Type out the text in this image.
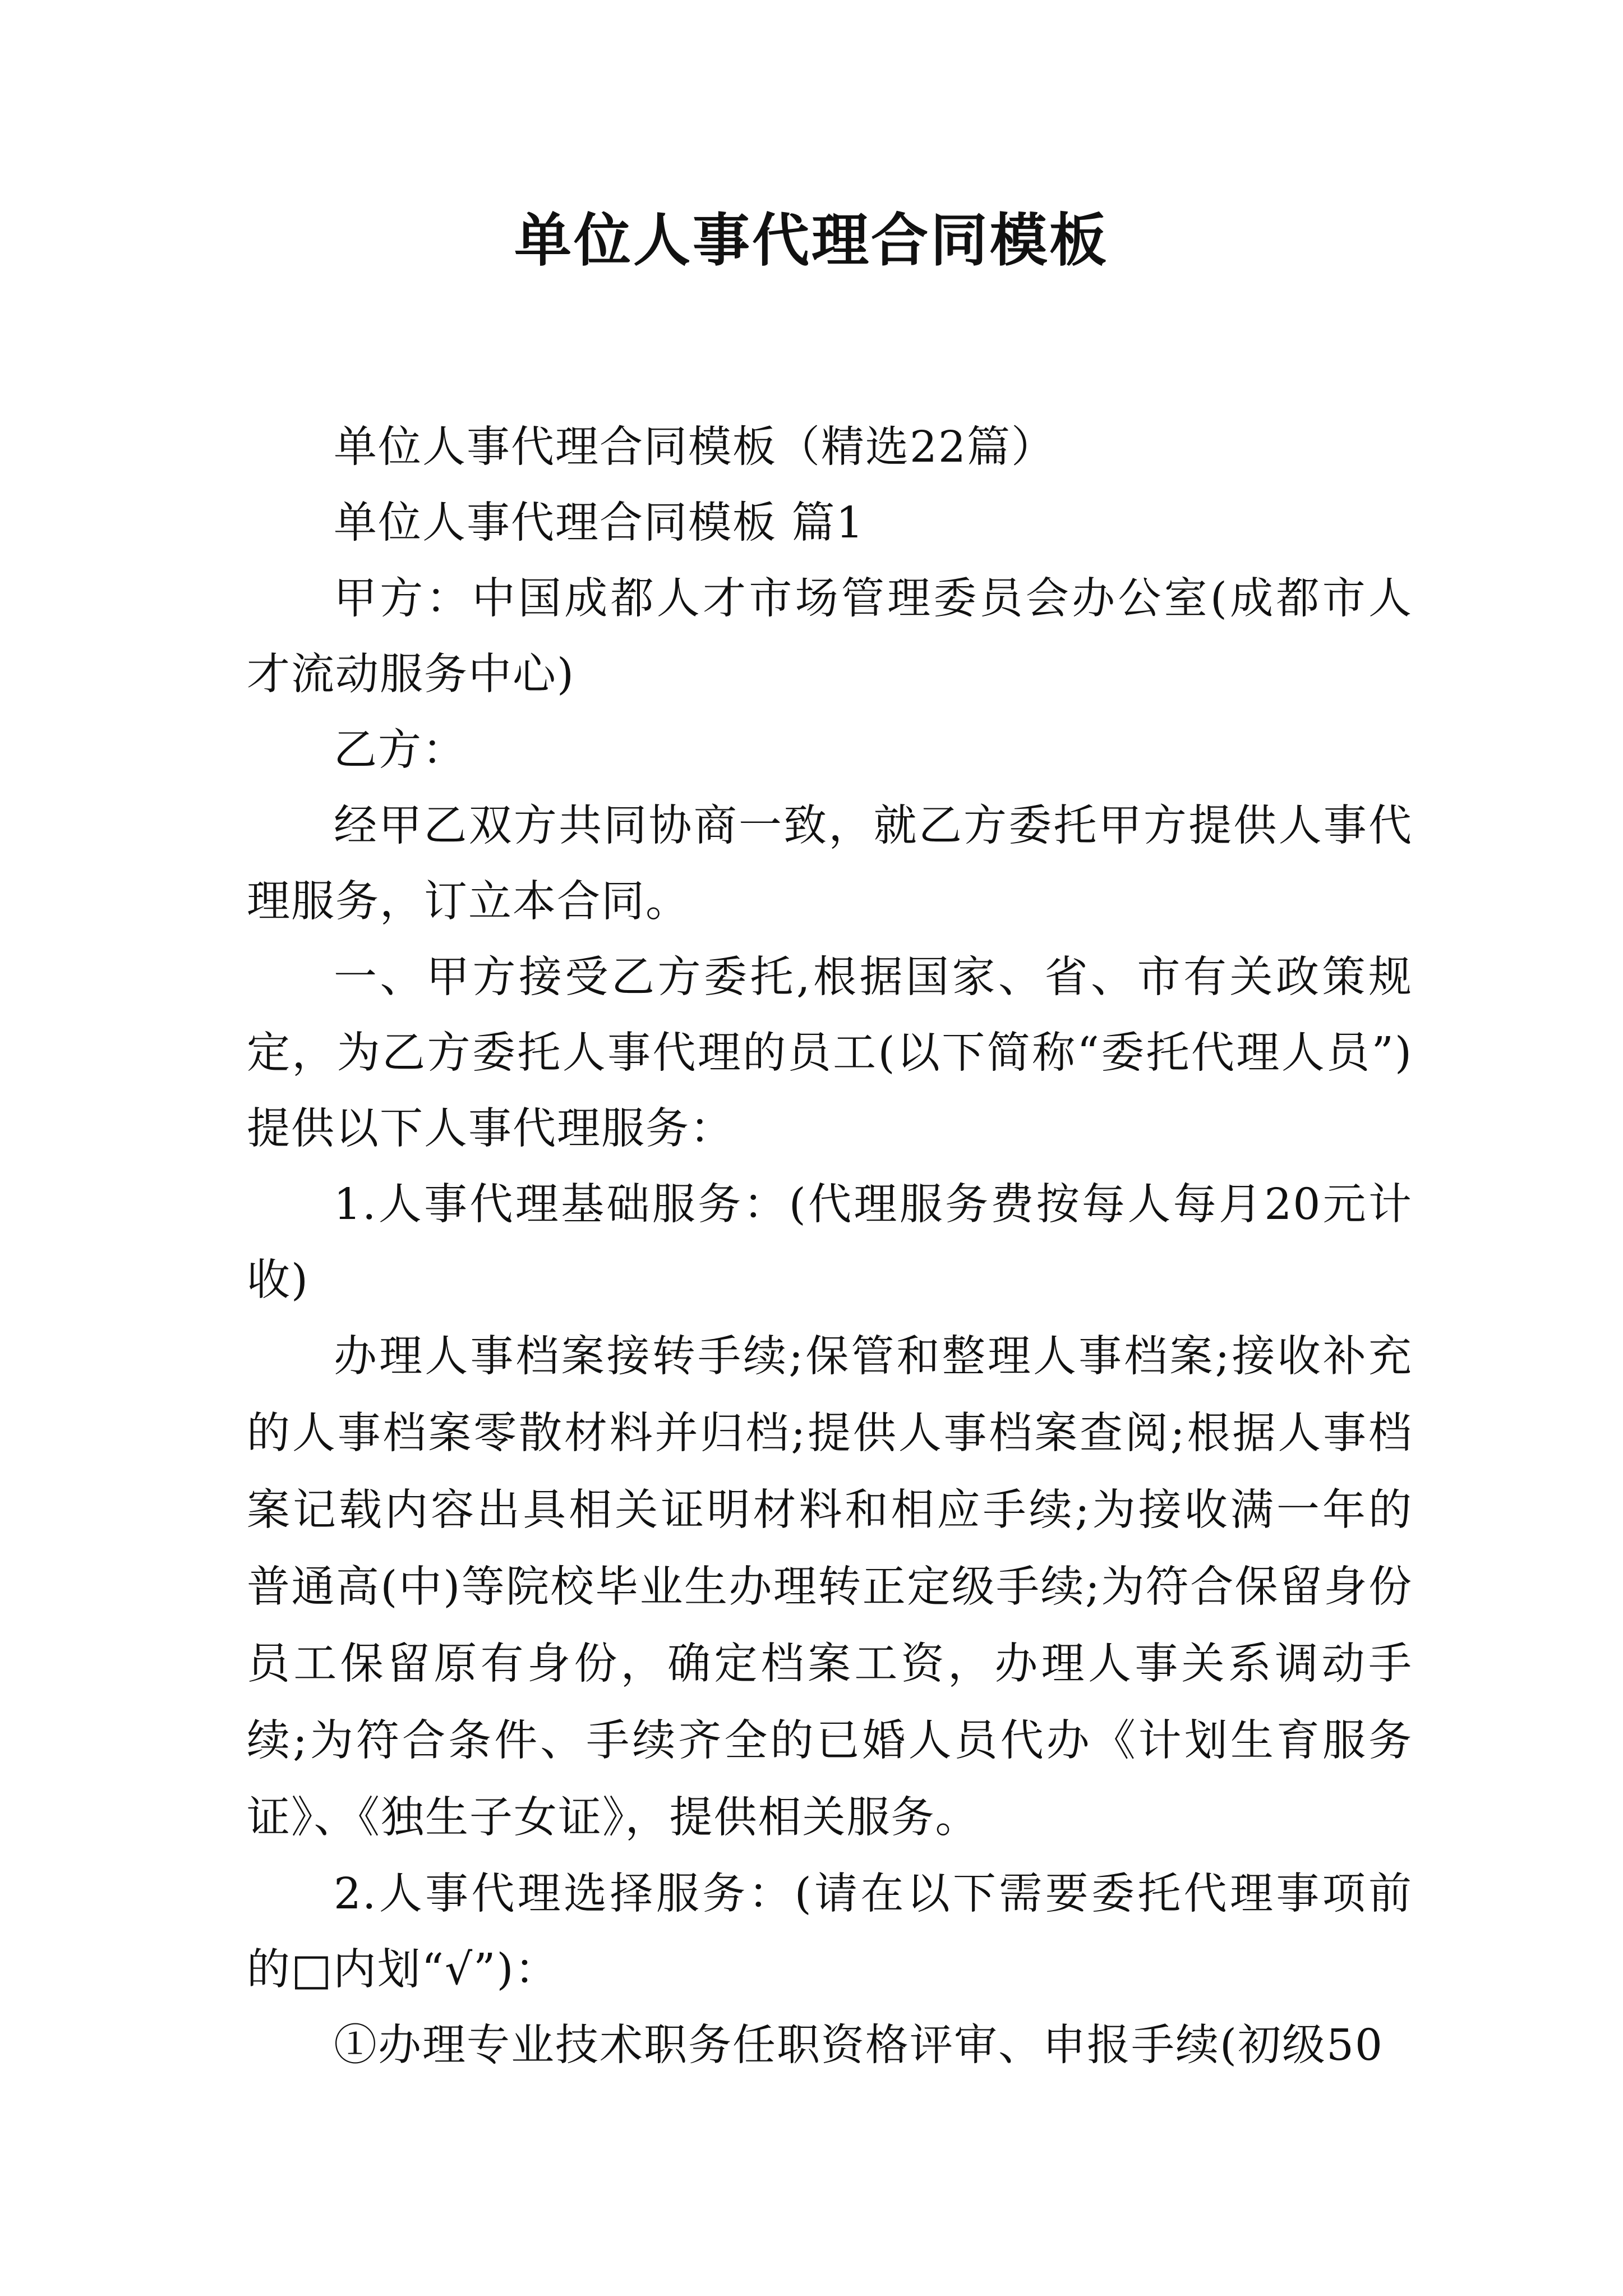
单位人事代理合同模板

单位人事代理合同模板（精选22篇）

单位人事代理合同模板 篇1

甲方：中国成都人才市场管理委员会办公室(成都市人才流动服务中心)

乙方：

经甲乙双方共同协商一致，就乙方委托甲方提供人事代理服务，订立本合同。

一、甲方接受乙方委托,根据国家、省、市有关政策规定，为乙方委托人事代理的员工(以下简称“委托代理人员”)提供以下人事代理服务：

1.人事代理基础服务：(代理服务费按每人每月20元计收)

办理人事档案接转手续;保管和整理人事档案;接收补充的人事档案零散材料并归档;提供人事档案查阅;根据人事档案记载内容出具相关证明材料和相应手续;为接收满一年的普通高(中)等院校毕业生办理转正定级手续;为符合保留身份员工保留原有身份，确定档案工资，办理人事关系调动手续;为符合条件、手续齐全的已婚人员代办《计划生育服务证》、《独生子女证》，提供相关服务。

2.人事代理选择服务：(请在以下需要委托代理事项前的□内划“√”)：

①办理专业技术职务任职资格评审、申报手续(初级50
